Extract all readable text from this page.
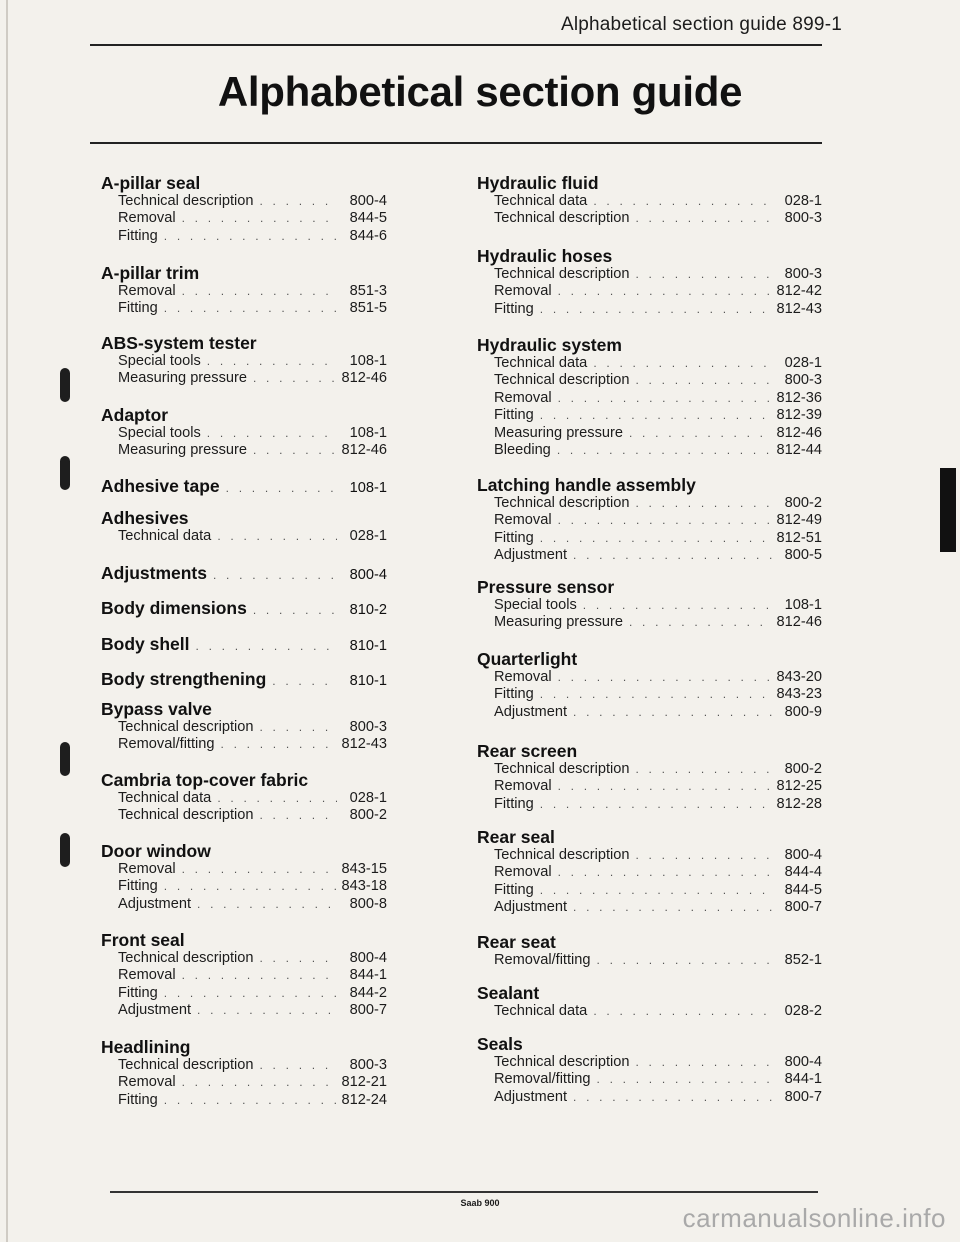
Alphabetical section guide 899-1
Alphabetical section guide
A-pillar seal
Technical description . . .	800-4
Removal . . .	844-5
Fitting . . .	844-6
A-pillar trim
Removal . . .	851-3
Fitting . . .	851-5
ABS-system tester
Special tools . . .	108-1
Measuring pressure . . .	812-46
Adaptor
Special tools . . .	108-1
Measuring pressure . . .	812-46
Adhesive tape . . .	108-1
Adhesives
Technical data . . .	028-1
Adjustments . . .	800-4
Body dimensions . . .	810-2
Body shell . . .	810-1
Body strengthening . . .	810-1
Bypass valve
Technical description . . .	800-3
Removal/fitting . . .	812-43
Cambria top-cover fabric
Technical data . . .	028-1
Technical description . . .	800-2
Door window
Removal . . .	843-15
Fitting . . .	843-18
Adjustment . . .	800-8
Front seal
Technical description . . .	800-4
Removal . . .	844-1
Fitting . . .	844-2
Adjustment . . .	800-7
Headlining
Technical description . . .	800-3
Removal . . .	812-21
Fitting . . .	812-24
Hydraulic fluid
Technical data . . .	028-1
Technical description . . .	800-3
Hydraulic hoses
Technical description . . .	800-3
Removal . . .	812-42
Fitting . . .	812-43
Hydraulic system
Technical data . . .	028-1
Technical description . . .	800-3
Removal . . .	812-36
Fitting . . .	812-39
Measuring pressure . . .	812-46
Bleeding . . .	812-44
Latching handle assembly
Technical description . . .	800-2
Removal . . .	812-49
Fitting . . .	812-51
Adjustment . . .	800-5
Pressure sensor
Special tools . . .	108-1
Measuring pressure . . .	812-46
Quarterlight
Removal . . .	843-20
Fitting . . .	843-23
Adjustment . . .	800-9
Rear screen
Technical description . . .	800-2
Removal . . .	812-25
Fitting . . .	812-28
Rear seal
Technical description . . .	800-4
Removal . . .	844-4
Fitting . . .	844-5
Adjustment . . .	800-7
Rear seat
Removal/fitting . . .	852-1
Sealant
Technical data . . .	028-2
Seals
Technical description . . .	800-4
Removal/fitting . . .	844-1
Adjustment . . .	800-7
Saab 900	carmanualsonline.info
